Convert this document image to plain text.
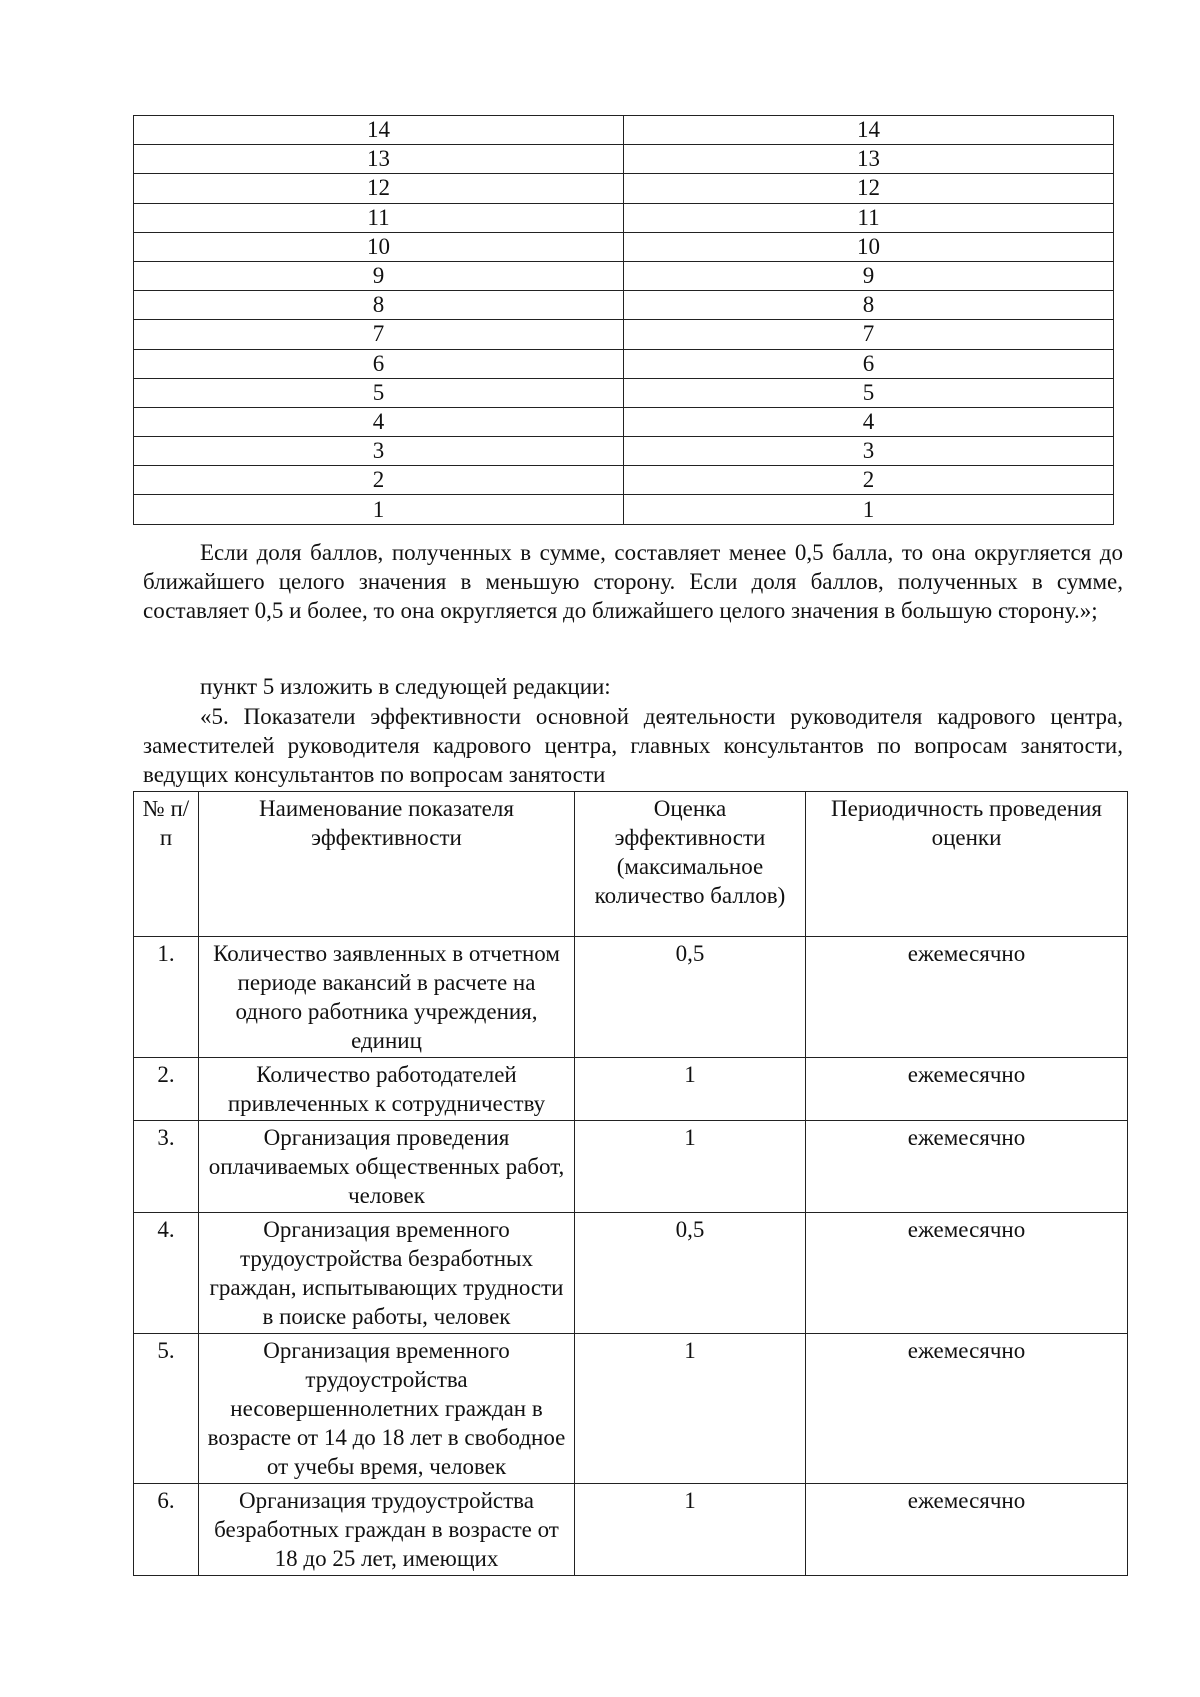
14	14
13	13
12	12
11	11
10	10
9	9
8	8
7	7
6	6
5	5
4	4
3	3
2	2
1	1

Если доля баллов, полученных в сумме, составляет менее 0,5 балла, то она округляется до ближайшего целого значения в меньшую сторону. Если доля баллов, полученных в сумме, составляет 0,5 и более, то она округляется до ближайшего целого значения в большую сторону.»;

пункт 5 изложить в следующей редакции:

«5. Показатели эффективности основной деятельности руководителя кадрового центра, заместителей руководителя кадрового центра, главных консультантов по вопросам занятости, ведущих консультантов по вопросам занятости

№ п/п	Наименование показателя эффективности	Оценка эффективности (максимальное количество баллов)	Периодичность проведения оценки
1.	Количество заявленных в отчетном периоде вакансий в расчете на одного работника учреждения, единиц	0,5	ежемесячно
2.	Количество работодателей привлеченных к сотрудничеству	1	ежемесячно
3.	Организация проведения оплачиваемых общественных работ, человек	1	ежемесячно
4.	Организация временного трудоустройства безработных граждан, испытывающих трудности в поиске работы, человек	0,5	ежемесячно
5.	Организация временного трудоустройства несовершеннолетних граждан в возрасте от 14 до 18 лет в свободное от учебы время, человек	1	ежемесячно
6.	Организация трудоустройства безработных граждан в возрасте от 18 до 25 лет, имеющих	1	ежемесячно
